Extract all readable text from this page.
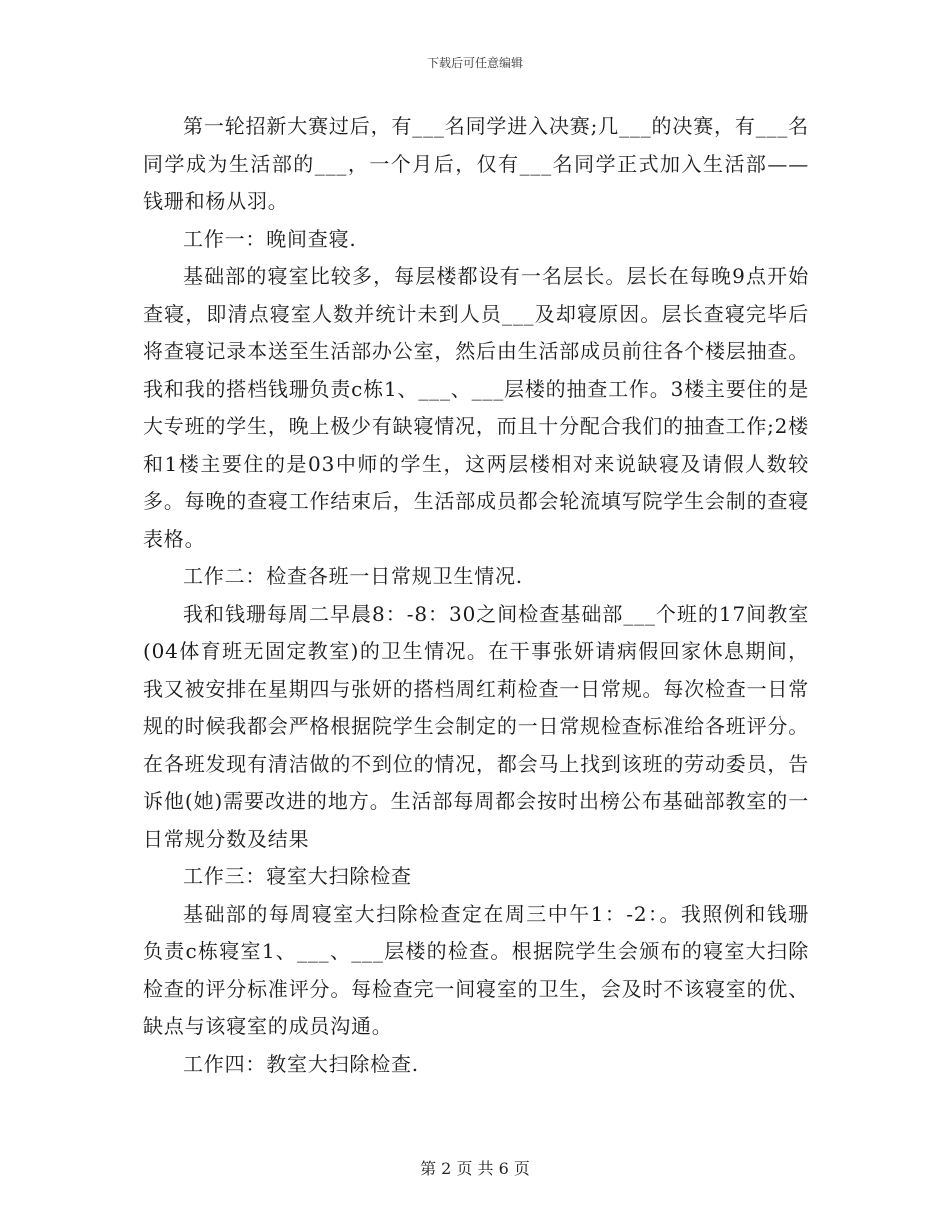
下载后可任意编辑

第一轮招新大赛过后，有___名同学进入决赛;几___的决赛，有___名同学成为生活部的___，一个月后，仅有___名同学正式加入生活部——钱珊和杨从羽。

工作一：晚间查寝.

基础部的寝室比较多，每层楼都设有一名层长。层长在每晚9点开始查寝，即清点寝室人数并统计未到人员___及却寝原因。层长查寝完毕后将查寝记录本送至生活部办公室，然后由生活部成员前往各个楼层抽查。我和我的搭档钱珊负责c栋1、___、___层楼的抽查工作。3楼主要住的是大专班的学生，晚上极少有缺寝情况，而且十分配合我们的抽查工作;2楼和1楼主要住的是03中师的学生，这两层楼相对来说缺寝及请假人数较多。每晚的查寝工作结束后，生活部成员都会轮流填写院学生会制的查寝表格。

工作二：检查各班一日常规卫生情况.

我和钱珊每周二早晨8：-8：30之间检查基础部___个班的17间教室(04体育班无固定教室)的卫生情况。在干事张妍请病假回家休息期间，我又被安排在星期四与张妍的搭档周红莉检查一日常规。每次检查一日常规的时候我都会严格根据院学生会制定的一日常规检查标准给各班评分。在各班发现有清洁做的不到位的情况，都会马上找到该班的劳动委员，告诉他(她)需要改进的地方。生活部每周都会按时出榜公布基础部教室的一日常规分数及结果

工作三：寝室大扫除检查

基础部的每周寝室大扫除检查定在周三中午1：-2：。我照例和钱珊负责c栋寝室1、___、___层楼的检查。根据院学生会颁布的寝室大扫除检查的评分标准评分。每检查完一间寝室的卫生，会及时不该寝室的优、缺点与该寝室的成员沟通。

工作四：教室大扫除检查.

第 2 页 共 6 页
